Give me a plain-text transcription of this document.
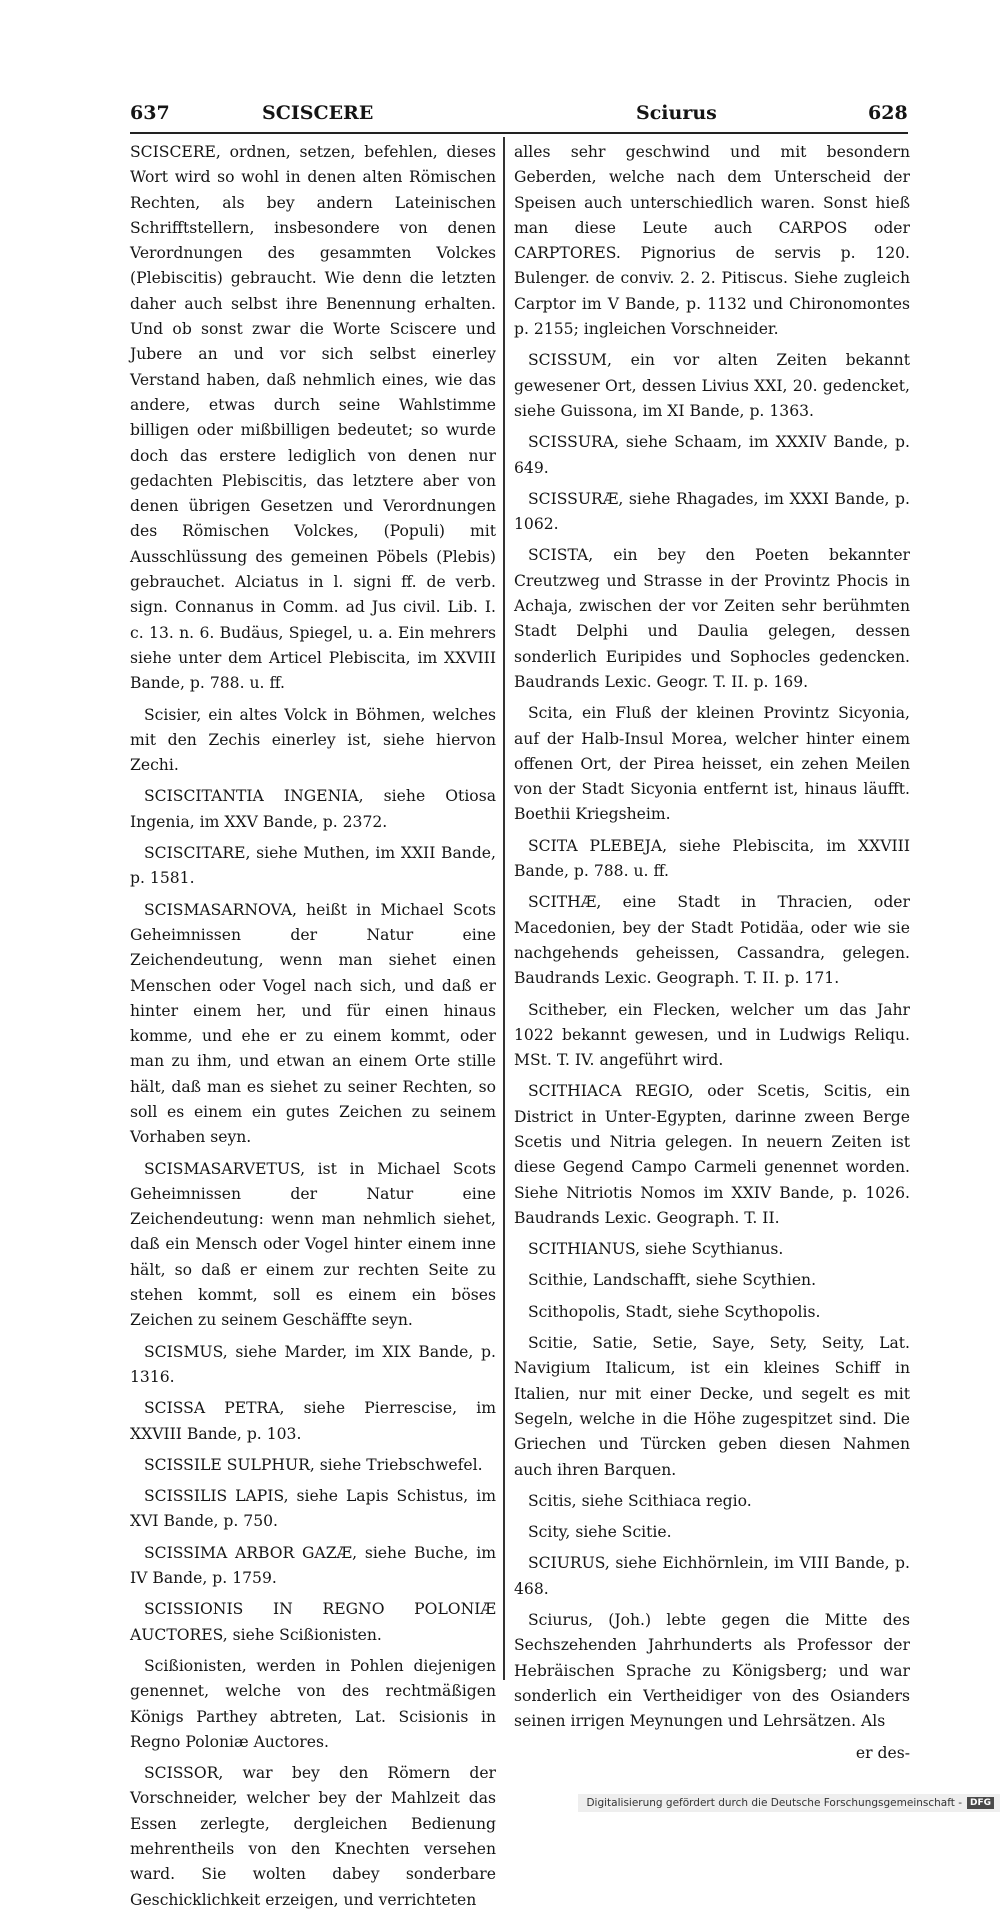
637	SCISCERE	Sciurus	628

SCISCERE, ordnen, setzen, befehlen, dieses Wort wird so wohl in denen alten Römischen Rechten, als bey andern Lateinischen Schrifftstellern, insbesondere von denen Verordnungen des gesammten Volckes (Plebiscitis) gebraucht. Wie denn die letzten daher auch selbst ihre Benennung erhalten. Und ob sonst zwar die Worte Sciscere und Jubere an und vor sich selbst einerley Verstand haben, daß nehmlich eines, wie das andere, etwas durch seine Wahlstimme billigen oder mißbilligen bedeutet; so wurde doch das erstere lediglich von denen nur gedachten Plebiscitis, das letztere aber von denen übrigen Gesetzen und Verordnungen des Römischen Volckes, (Populi) mit Ausschlüssung des gemeinen Pöbels (Plebis) gebrauchet. Alciatus in l. signi ff. de verb. sign. Connanus in Comm. ad Jus civil. Lib. I. c. 13. n. 6. Budäus, Spiegel, u. a. Ein mehrers siehe unter dem Articel Plebiscita, im XXVIII Bande, p. 788. u. ff.

Scisier, ein altes Volck in Böhmen, welches mit den Zechis einerley ist, siehe hiervon Zechi.

SCISCITANTIA INGENIA, siehe Otiosa Ingenia, im XXV Bande, p. 2372.

SCISCITARE, siehe Muthen, im XXII Bande, p. 1581.

SCISMASARNOVA, heißt in Michael Scots Geheimnissen der Natur eine Zeichendeutung, wenn man siehet einen Menschen oder Vogel nach sich, und daß er hinter einem her, und für einen hinaus komme, und ehe er zu einem kommt, oder man zu ihm, und etwan an einem Orte stille hält, daß man es siehet zu seiner Rechten, so soll es einem ein gutes Zeichen zu seinem Vorhaben seyn.

SCISMASARVETUS, ist in Michael Scots Geheimnissen der Natur eine Zeichendeutung: wenn man nehmlich siehet, daß ein Mensch oder Vogel hinter einem inne hält, so daß er einem zur rechten Seite zu stehen kommt, soll es einem ein böses Zeichen zu seinem Geschäffte seyn.

SCISMUS, siehe Marder, im XIX Bande, p. 1316.

SCISSA PETRA, siehe Pierrescise, im XXVIII Bande, p. 103.

SCISSILE SULPHUR, siehe Triebschwefel.

SCISSILIS LAPIS, siehe Lapis Schistus, im XVI Bande, p. 750.

SCISSIMA ARBOR GAZÆ, siehe Buche, im IV Bande, p. 1759.

SCISSIONIS IN REGNO POLONIÆ AUCTORES, siehe Scißionisten.

Scißionisten, werden in Pohlen diejenigen genennet, welche von des rechtmäßigen Königs Parthey abtreten, Lat. Scisionis in Regno Poloniæ Auctores.

SCISSOR, war bey den Römern der Vorschneider, welcher bey der Mahlzeit das Essen zerlegte, dergleichen Bedienung mehrentheils von den Knechten versehen ward. Sie wolten dabey sonderbare Geschicklichkeit erzeigen, und verrichteten

alles sehr geschwind und mit besondern Geberden, welche nach dem Unterscheid der Speisen auch unterschiedlich waren. Sonst hieß man diese Leute auch CARPOS oder CARPTORES. Pignorius de servis p. 120. Bulenger. de conviv. 2. 2. Pitiscus. Siehe zugleich Carptor im V Bande, p. 1132 und Chironomontes p. 2155; ingleichen Vorschneider.

SCISSUM, ein vor alten Zeiten bekannt gewesener Ort, dessen Livius XXI, 20. gedencket, siehe Guissona, im XI Bande, p. 1363.

SCISSURA, siehe Schaam, im XXXIV Bande, p. 649.

SCISSURÆ, siehe Rhagades, im XXXI Bande, p. 1062.

SCISTA, ein bey den Poeten bekannter Creutzweg und Strasse in der Provintz Phocis in Achaja, zwischen der vor Zeiten sehr berühmten Stadt Delphi und Daulia gelegen, dessen sonderlich Euripides und Sophocles gedencken. Baudrands Lexic. Geogr. T. II. p. 169.

Scita, ein Fluß der kleinen Provintz Sicyonia, auf der Halb-Insul Morea, welcher hinter einem offenen Ort, der Pirea heisset, ein zehen Meilen von der Stadt Sicyonia entfernt ist, hinaus läufft. Boethii Kriegsheim.

SCITA PLEBEJA, siehe Plebiscita, im XXVIII Bande, p. 788. u. ff.

SCITHÆ, eine Stadt in Thracien, oder Macedonien, bey der Stadt Potidäa, oder wie sie nachgehends geheissen, Cassandra, gelegen. Baudrands Lexic. Geograph. T. II. p. 171.

Scitheber, ein Flecken, welcher um das Jahr 1022 bekannt gewesen, und in Ludwigs Reliqu. MSt. T. IV. angeführt wird.

SCITHIACA REGIO, oder Scetis, Scitis, ein District in Unter-Egypten, darinne zween Berge Scetis und Nitria gelegen. In neuern Zeiten ist diese Gegend Campo Carmeli genennet worden. Siehe Nitriotis Nomos im XXIV Bande, p. 1026. Baudrands Lexic. Geograph. T. II.

SCITHIANUS, siehe Scythianus.

Scithie, Landschafft, siehe Scythien.

Scithopolis, Stadt, siehe Scythopolis.

Scitie, Satie, Setie, Saye, Sety, Seity, Lat. Navigium Italicum, ist ein kleines Schiff in Italien, nur mit einer Decke, und segelt es mit Segeln, welche in die Höhe zugespitzet sind. Die Griechen und Türcken geben diesen Nahmen auch ihren Barquen.

Scitis, siehe Scithiaca regio.

Scity, siehe Scitie.

SCIURUS, siehe Eichhörnlein, im VIII Bande, p. 468.

Sciurus, (Joh.) lebte gegen die Mitte des Sechszehenden Jahrhunderts als Professor der Hebräischen Sprache zu Königsberg; und war sonderlich ein Vertheidiger von des Osianders seinen irrigen Meynungen und Lehrsätzen. Als

er des-

Digitalisierung gefördert durch die Deutsche Forschungsgemeinschaft - DFG
